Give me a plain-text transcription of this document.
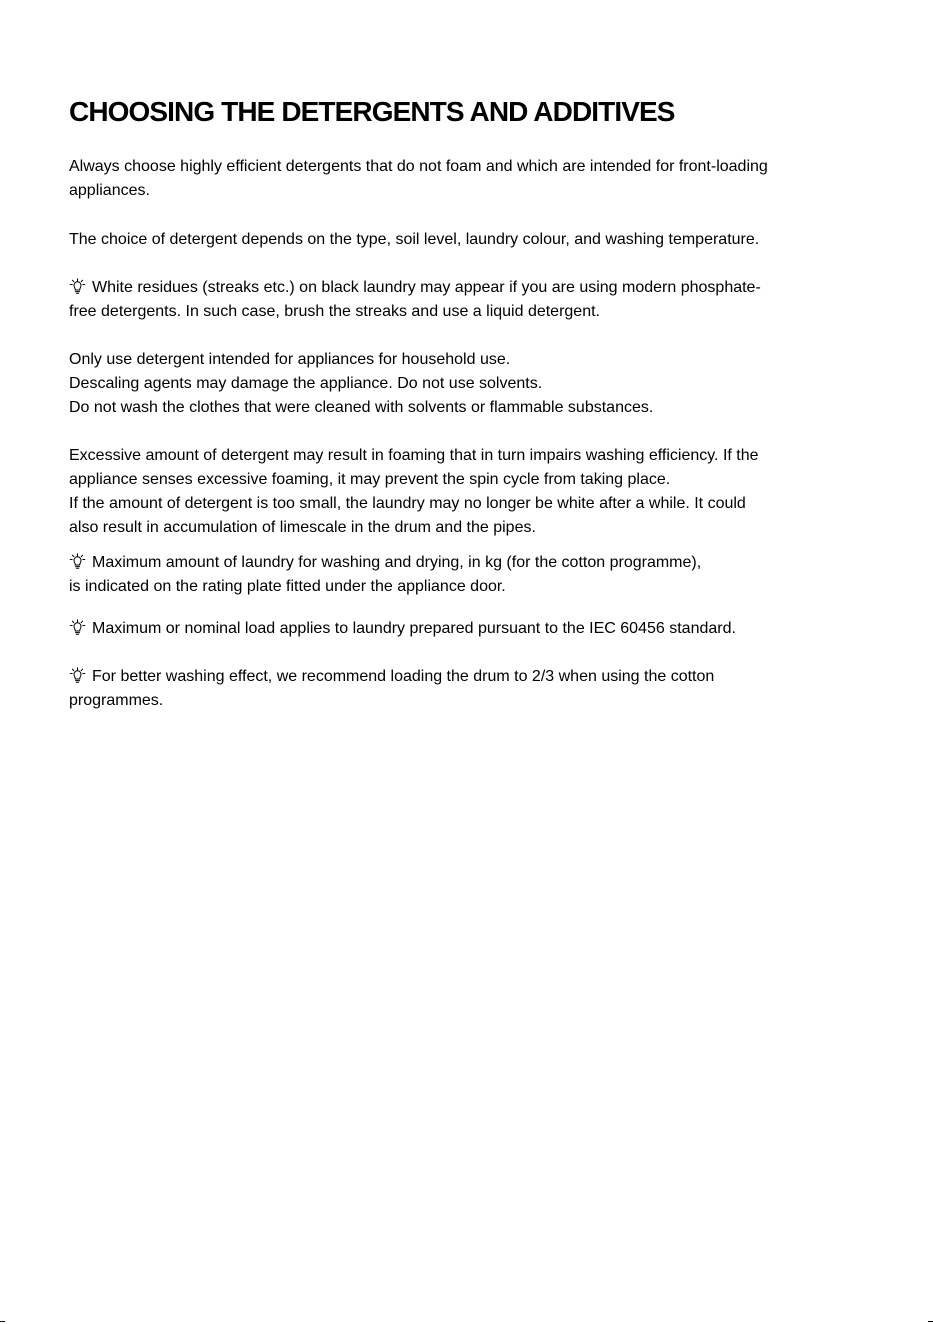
CHOOSING THE DETERGENTS AND ADDITIVES
Always choose highly efficient detergents that do not foam and which are intended for front-loading
appliances.
The choice of detergent depends on the type, soil level, laundry colour, and washing temperature.
White residues (streaks etc.) on black laundry may appear if you are using modern phosphate-
free detergents. In such case, brush the streaks and use a liquid detergent.
Only use detergent intended for appliances for household use.
Descaling agents may damage the appliance. Do not use solvents.
Do not wash the clothes that were cleaned with solvents or flammable substances.
Excessive amount of detergent may result in foaming that in turn impairs washing efficiency. If the
appliance senses excessive foaming, it may prevent the spin cycle from taking place.
If the amount of detergent is too small, the laundry may no longer be white after a while. It could
also result in accumulation of limescale in the drum and the pipes.
Maximum amount of laundry for washing and drying, in kg (for the cotton programme),
is indicated on the rating plate fitted under the appliance door.
Maximum or nominal load applies to laundry prepared pursuant to the IEC 60456 standard.
For better washing effect, we recommend loading the drum to 2/3 when using the cotton
programmes.
